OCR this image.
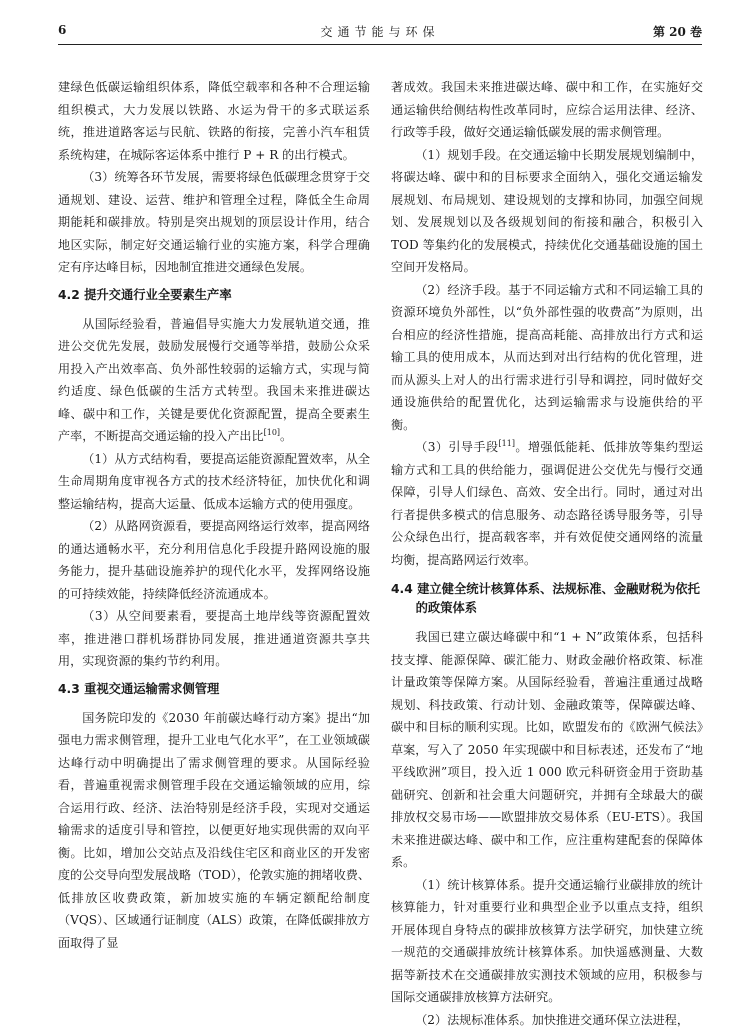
6	交通节能与环保	第 20 卷

建绿色低碳运输组织体系，降低空载率和各种不合理运输组织模式，大力发展以铁路、水运为骨干的多式联运系统，推进道路客运与民航、铁路的衔接，完善小汽车租赁系统构建，在城际客运体系中推行 P + R 的出行模式。

（3）统筹各环节发展，需要将绿色低碳理念贯穿于交通规划、建设、运营、维护和管理全过程，降低全生命周期能耗和碳排放。特别是突出规划的顶层设计作用，结合地区实际，制定好交通运输行业的实施方案，科学合理确定有序达峰目标，因地制宜推进交通绿色发展。

4.2 提升交通行业全要素生产率

从国际经验看，普遍倡导实施大力发展轨道交通，推进公交优先发展，鼓励发展慢行交通等举措，鼓励公众采用投入产出效率高、负外部性较弱的运输方式，实现与简约适度、绿色低碳的生活方式转型。我国未来推进碳达峰、碳中和工作，关键是要优化资源配置，提高全要素生产率，不断提高交通运输的投入产出比[10]。

（1）从方式结构看，要提高运能资源配置效率，从全生命周期角度审视各方式的技术经济特征，加快优化和调整运输结构，提高大运量、低成本运输方式的使用强度。

（2）从路网资源看，要提高网络运行效率，提高网络的通达通畅水平，充分利用信息化手段提升路网设施的服务能力，提升基础设施养护的现代化水平，发挥网络设施的可持续效能，持续降低经济流通成本。

（3）从空间要素看，要提高土地岸线等资源配置效率，推进港口群机场群协同发展，推进通道资源共享共用，实现资源的集约节约利用。

4.3 重视交通运输需求侧管理

国务院印发的《2030 年前碳达峰行动方案》提出“加强电力需求侧管理，提升工业电气化水平”，在工业领域碳达峰行动中明确提出了需求侧管理的要求。从国际经验看，普遍重视需求侧管理手段在交通运输领域的应用，综合运用行政、经济、法治特别是经济手段，实现对交通运输需求的适度引导和管控，以便更好地实现供需的双向平衡。比如，增加公交站点及沿线住宅区和商业区的开发密度的公交导向型发展战略（TOD），伦敦实施的拥堵收费、低排放区收费政策，新加坡实施的车辆定额配给制度（VQS）、区域通行证制度（ALS）政策，在降低碳排放方面取得了显

著成效。我国未来推进碳达峰、碳中和工作，在实施好交通运输供给侧结构性改革同时，应综合运用法律、经济、行政等手段，做好交通运输低碳发展的需求侧管理。

（1）规划手段。在交通运输中长期发展规划编制中，将碳达峰、碳中和的目标要求全面纳入，强化交通运输发展规划、布局规划、建设规划的支撑和协同，加强空间规划、发展规划以及各级规划间的衔接和融合，积极引入 TOD 等集约化的发展模式，持续优化交通基础设施的国土空间开发格局。

（2）经济手段。基于不同运输方式和不同运输工具的资源环境负外部性，以“负外部性强的收费高”为原则，出台相应的经济性措施，提高高耗能、高排放出行方式和运输工具的使用成本，从而达到对出行结构的优化管理，进而从源头上对人的出行需求进行引导和调控，同时做好交通设施供给的配置优化，达到运输需求与设施供给的平衡。

（3）引导手段[11]。增强低能耗、低排放等集约型运输方式和工具的供给能力，强调促进公交优先与慢行交通保障，引导人们绿色、高效、安全出行。同时，通过对出行者提供多模式的信息服务、动态路径诱导服务等，引导公众绿色出行，提高载客率，并有效促使交通网络的流量均衡，提高路网运行效率。

4.4 建立健全统计核算体系、法规标准、金融财税为依托的政策体系

我国已建立碳达峰碳中和“1 + N”政策体系，包括科技支撑、能源保障、碳汇能力、财政金融价格政策、标准计量政策等保障方案。从国际经验看，普遍注重通过战略规划、科技政策、行动计划、金融政策等，保障碳达峰、碳中和目标的顺利实现。比如，欧盟发布的《欧洲气候法》草案，写入了 2050 年实现碳中和目标表述，还发布了“地平线欧洲”项目，投入近 1 000 欧元科研资金用于资助基础研究、创新和社会重大问题研究，并拥有全球最大的碳排放权交易市场——欧盟排放交易体系（EU-ETS）。我国未来推进碳达峰、碳中和工作，应注重构建配套的保障体系。

（1）统计核算体系。提升交通运输行业碳排放的统计核算能力，针对重要行业和典型企业予以重点支持，组织开展体现自身特点的碳排放核算方法学研究，加快建立统一规范的交通碳排放统计核算体系。加快遥感测量、大数据等新技术在交通碳排放实测技术领域的应用，积极参与国际交通碳排放核算方法研究。

（2）法规标准体系。加快推进交通环保立法进程，
